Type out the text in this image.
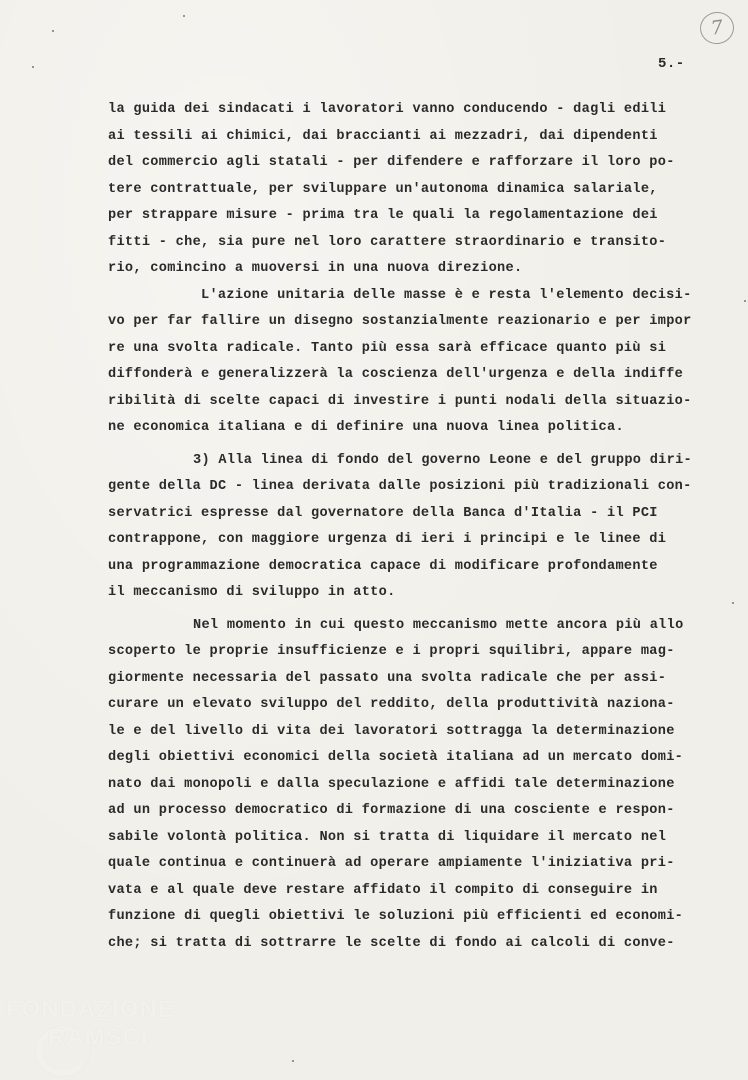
7
5.-
la guida dei sindacati i lavoratori vanno conducendo - dagli edili
ai tessili ai chimici, dai braccianti ai mezzadri, dai dipendenti
del commercio agli statali - per difendere e rafforzare il loro po-
tere contrattuale, per sviluppare un'autonoma dinamica salariale,
per strappare misure - prima tra le quali la regolamentazione dei
fitti - che, sia pure nel loro carattere straordinario e transito-
rio, comincino a muoversi in una nuova direzione.
L'azione unitaria delle masse è e resta l'elemento decisi-
vo per far fallire un disegno sostanzialmente reazionario e per impor
re una svolta radicale. Tanto più essa sarà efficace quanto più si
diffonderà e generalizzerà la coscienza dell'urgenza e della indiffe
ribilità di scelte capaci di investire i punti nodali della situazio-
ne economica italiana e di definire una nuova linea politica.
3) Alla linea di fondo del governo Leone e del gruppo diri-
gente della DC - linea derivata dalle posizioni più tradizionali con-
servatrici espresse dal governatore della Banca d'Italia - il PCI
contrappone, con maggiore urgenza di ieri i principi e le linee di
una programmazione democratica capace di modificare profondamente
il meccanismo di sviluppo in atto.
Nel momento in cui questo meccanismo mette ancora più allo
scoperto le proprie insufficienze e i propri squilibri, appare mag-
giormente necessaria del passato una svolta radicale che per assi-
curare un elevato sviluppo del reddito, della produttività naziona-
le e del livello di vita dei lavoratori sottragga la determinazione
degli obiettivi economici della società italiana ad un mercato domi-
nato dai monopoli e dalla speculazione e affidi tale determinazione
ad un processo democratico di formazione di una cosciente e respon-
sabile volontà politica. Non si tratta di liquidare il mercato nel
quale continua e continuerà ad operare ampiamente l'iniziativa pri-
vata e al quale deve restare affidato il compito di conseguire in
funzione di quegli obiettivi le soluzioni più efficienti ed economi-
che; si tratta di sottrarre le scelte di fondo ai calcoli di conve-
FONDAZIONE
RAMSCI
